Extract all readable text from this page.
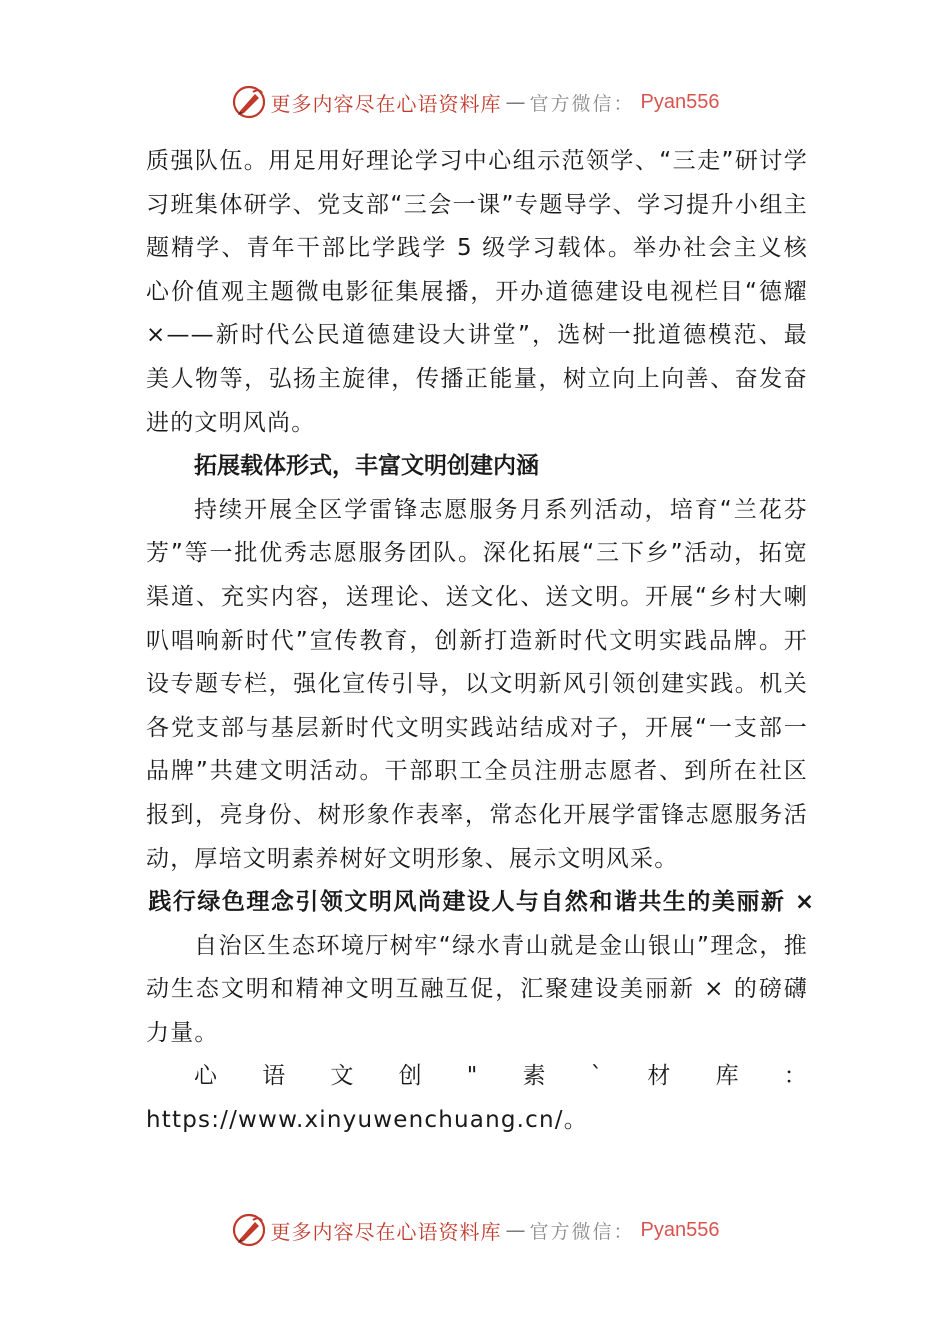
更多内容尽在心语资料库 — 官方微信： Pyan556

质强队伍。用足用好理论学习中心组示范领学、“三走”研讨学习班集体研学、党支部“三会一课”专题导学、学习提升小组主题精学、青年干部比学践学 5 级学习载体。举办社会主义核心价值观主题微电影征集展播，开办道德建设电视栏目“德耀 ×——新时代公民道德建设大讲堂”，选树一批道德模范、最美人物等，弘扬主旋律，传播正能量，树立向上向善、奋发奋进的文明风尚。

拓展载体形式，丰富文明创建内涵

持续开展全区学雷锋志愿服务月系列活动，培育“兰花芬芳”等一批优秀志愿服务团队。深化拓展“三下乡”活动，拓宽渠道、充实内容，送理论、送文化、送文明。开展“乡村大喇叭唱响新时代”宣传教育，创新打造新时代文明实践品牌。开设专题专栏，强化宣传引导，以文明新风引领创建实践。机关各党支部与基层新时代文明实践站结成对子，开展“一支部一品牌”共建文明活动。干部职工全员注册志愿者、到所在社区报到，亮身份、树形象作表率，常态化开展学雷锋志愿服务活动，厚培文明素养树好文明形象、展示文明风采。

践行绿色理念引领文明风尚建设人与自然和谐共生的美丽新 ×

自治区生态环境厅树牢“绿水青山就是金山银山”理念，推动生态文明和精神文明互融互促，汇聚建设美丽新 × 的磅礴力量。

心语文创"素`材库：https://www.xinyuwenchuang.cn/。

更多内容尽在心语资料库 — 官方微信： Pyan556
